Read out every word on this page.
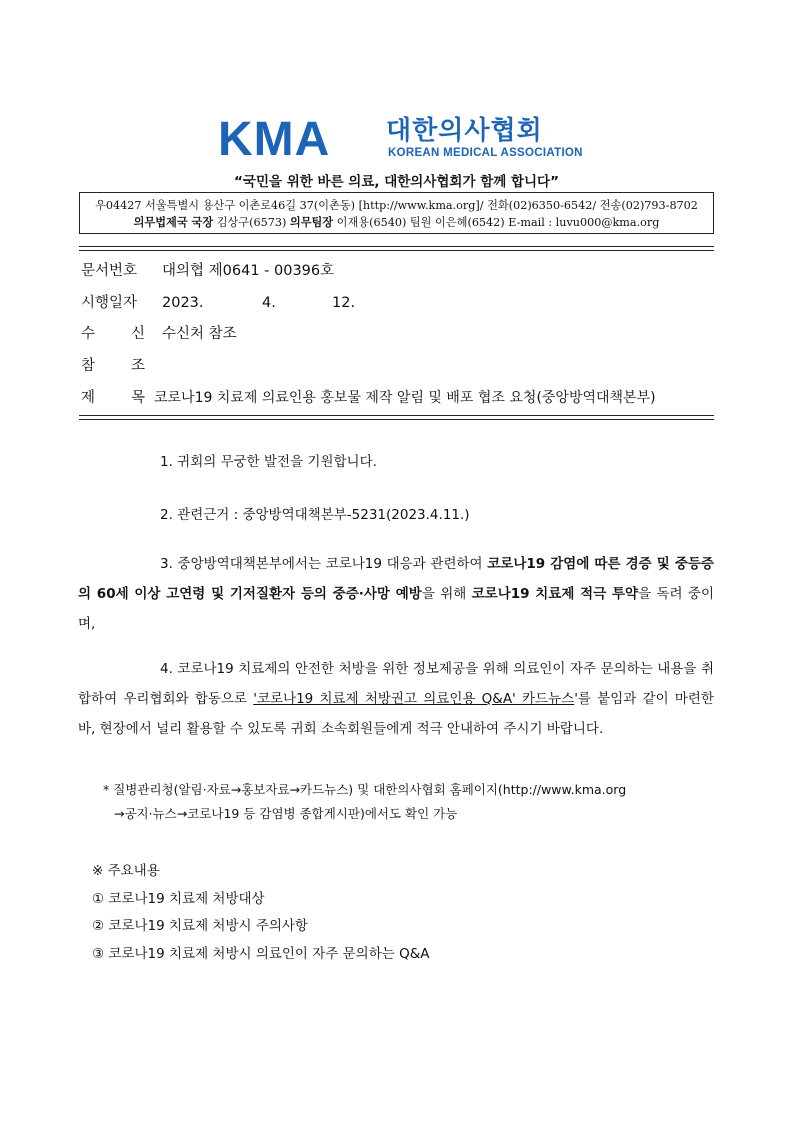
KMA 대한의사협회
KOREAN MEDICAL ASSOCIATION
“국민을 위한 바른 의료, 대한의사협회가 함께 합니다”
우04427 서울특별시 용산구 이촌로46길 37(이촌동) [http://www.kma.org]/ 전화(02)6350-6542/ 전송(02)793-8702
의무법제국 국장 김상구(6573) 의무팀장 이재용(6540) 팀원 이은혜(6542) E-mail : luvu000@kma.org
문서번호 대의협 제0641 - 00396호
시행일자 2023.	4.	12.
수 신 수신처 참조
참 조
제 목 코로나19 치료제 의료인용 홍보물 제작 알림 및 배포 협조 요청(중앙방역대책본부)
1. 귀회의 무궁한 발전을 기원합니다.
2. 관련근거 : 중앙방역대책본부-5231(2023.4.11.)
3. 중앙방역대책본부에서는 코로나19 대응과 관련하여 코로나19 감염에 따른 경증 및 중등증의 60세 이상 고연령 및 기저질환자 등의 중증·사망 예방을 위해 코로나19 치료제 적극 투약을 독려 중이며,
4. 코로나19 치료제의 안전한 처방을 위한 정보제공을 위해 의료인이 자주 문의하는 내용을 취합하여 우리협회와 합동으로 '코로나19 치료제 처방권고 의료인용 Q&A' 카드뉴스'를 붙임과 같이 마련한 바, 현장에서 널리 활용할 수 있도록 귀회 소속회원들에게 적극 안내하여 주시기 바랍니다.
* 질병관리청(알림·자료→홍보자료→카드뉴스) 및 대한의사협회 홈페이지(http://www.kma.org
→공지·뉴스→코로나19 등 감염병 종합게시판)에서도 확인 가능
※ 주요내용
① 코로나19 치료제 처방대상
② 코로나19 치료제 처방시 주의사항
③ 코로나19 치료제 처방시 의료인이 자주 문의하는 Q&A
